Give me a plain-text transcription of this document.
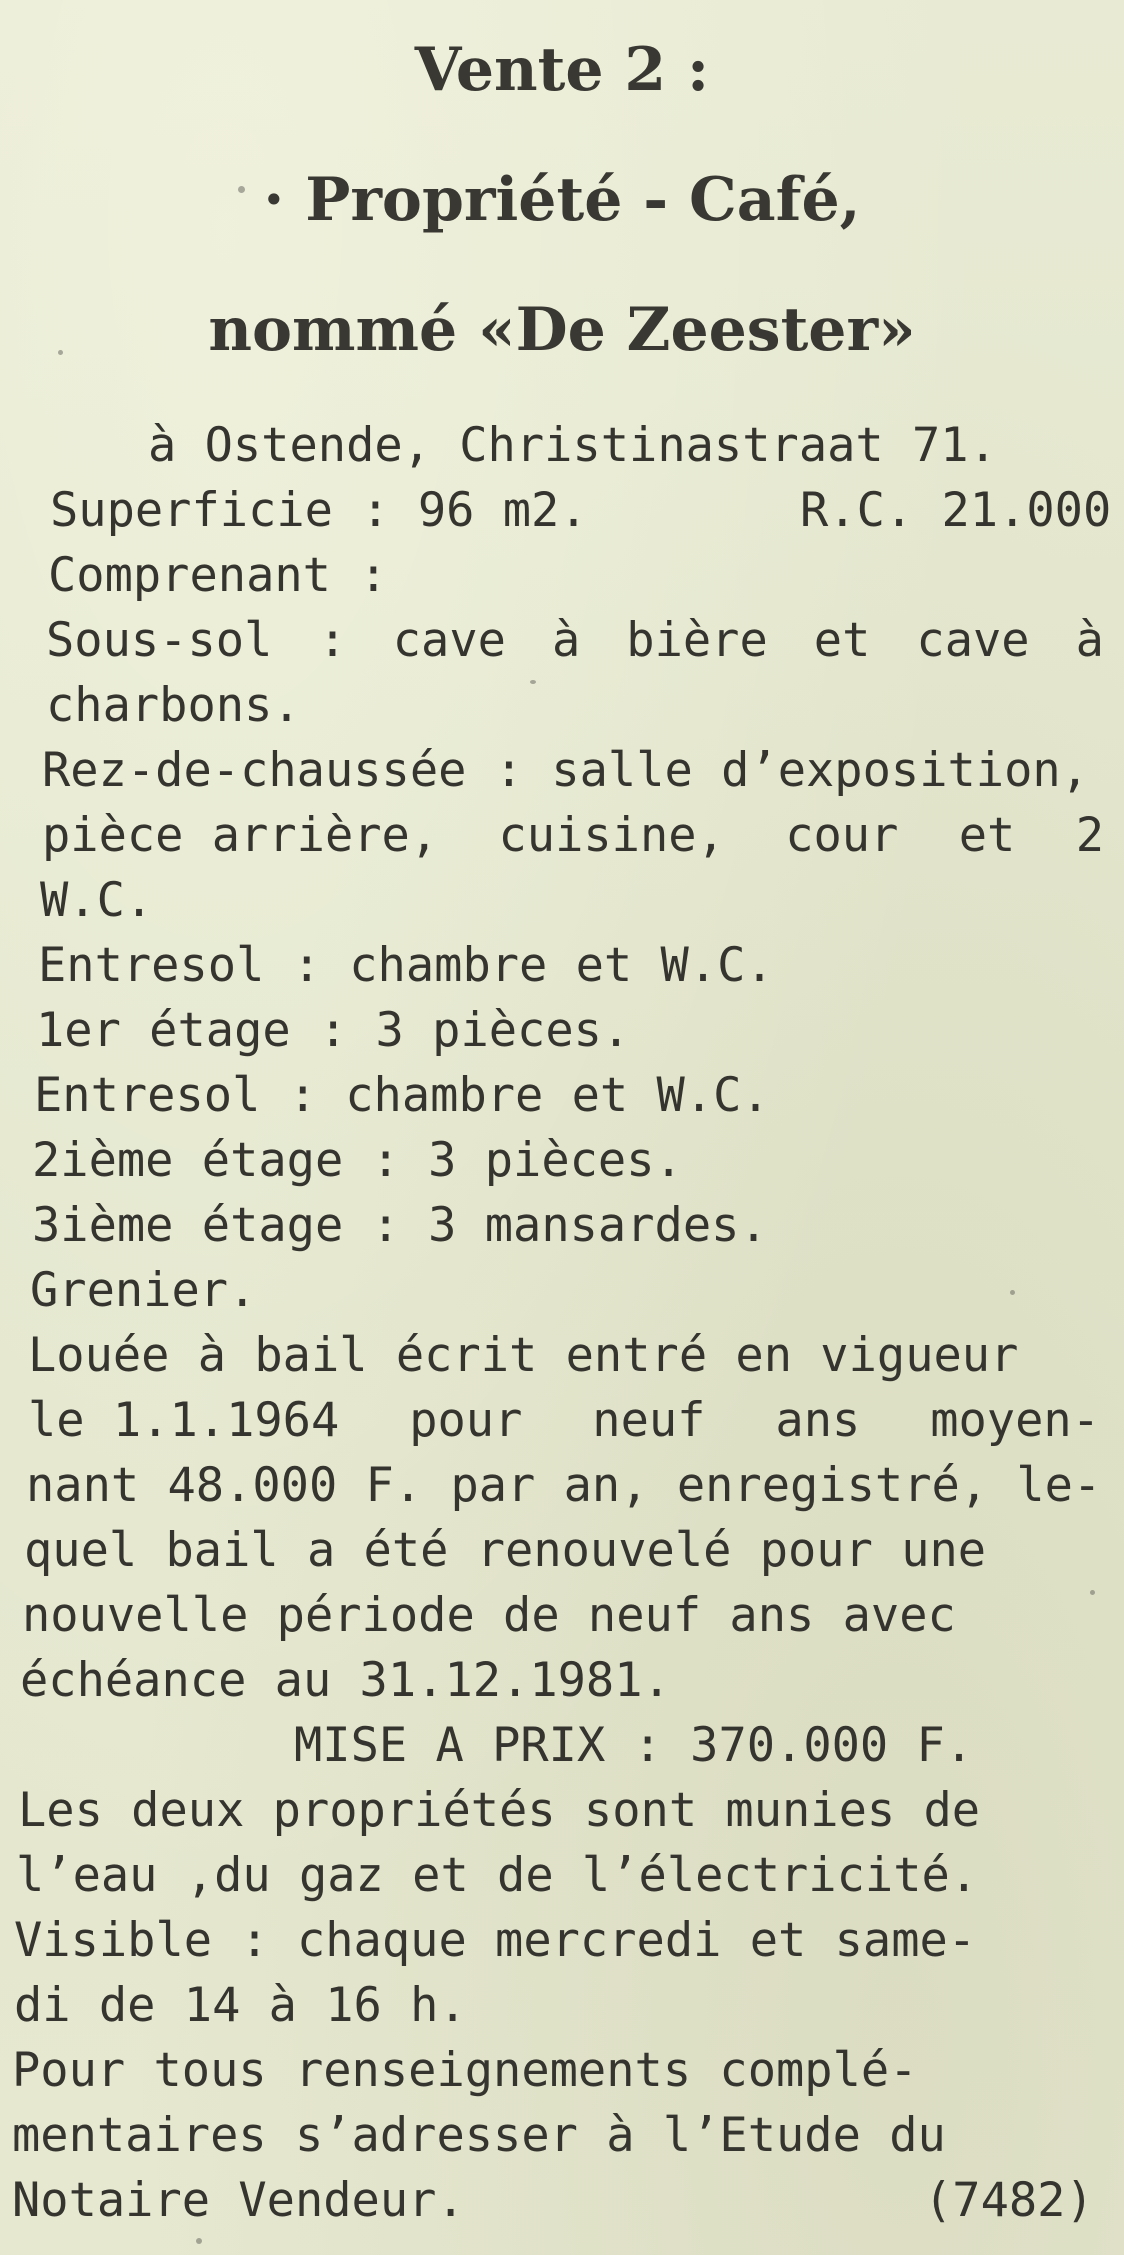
Vente 2 :
· Propriété - Café,
nommé «De Zeester»
à Ostende, Christinastraat 71.
Superficie : 96 m2.	R.C. 21.000
Comprenant :
Sous-sol : cave à bière et cave à
charbons.
Rez-de-chaussée : salle d’exposition,
pièce arrière, cuisine, cour et 2
W.C.
Entresol : chambre et W.C.
1er étage : 3 pièces.
Entresol : chambre et W.C.
2ième étage : 3 pièces.
3ième étage : 3 mansardes.
Grenier.
Louée à bail écrit entré en vigueur
le 1.1.1964 pour neuf ans moyen-
nant 48.000 F. par an, enregistré, le-
quel bail a été renouvelé pour une
nouvelle période de neuf ans avec
échéance au 31.12.1981.
MISE A PRIX : 370.000 F.
Les deux propriétés sont munies de
l’eau ,du gaz et de l’électricité.
Visible : chaque mercredi et same-
di de 14 à 16 h.
Pour tous renseignements complé-
mentaires s’adresser à l’Etude du
Notaire Vendeur.	(7482)
